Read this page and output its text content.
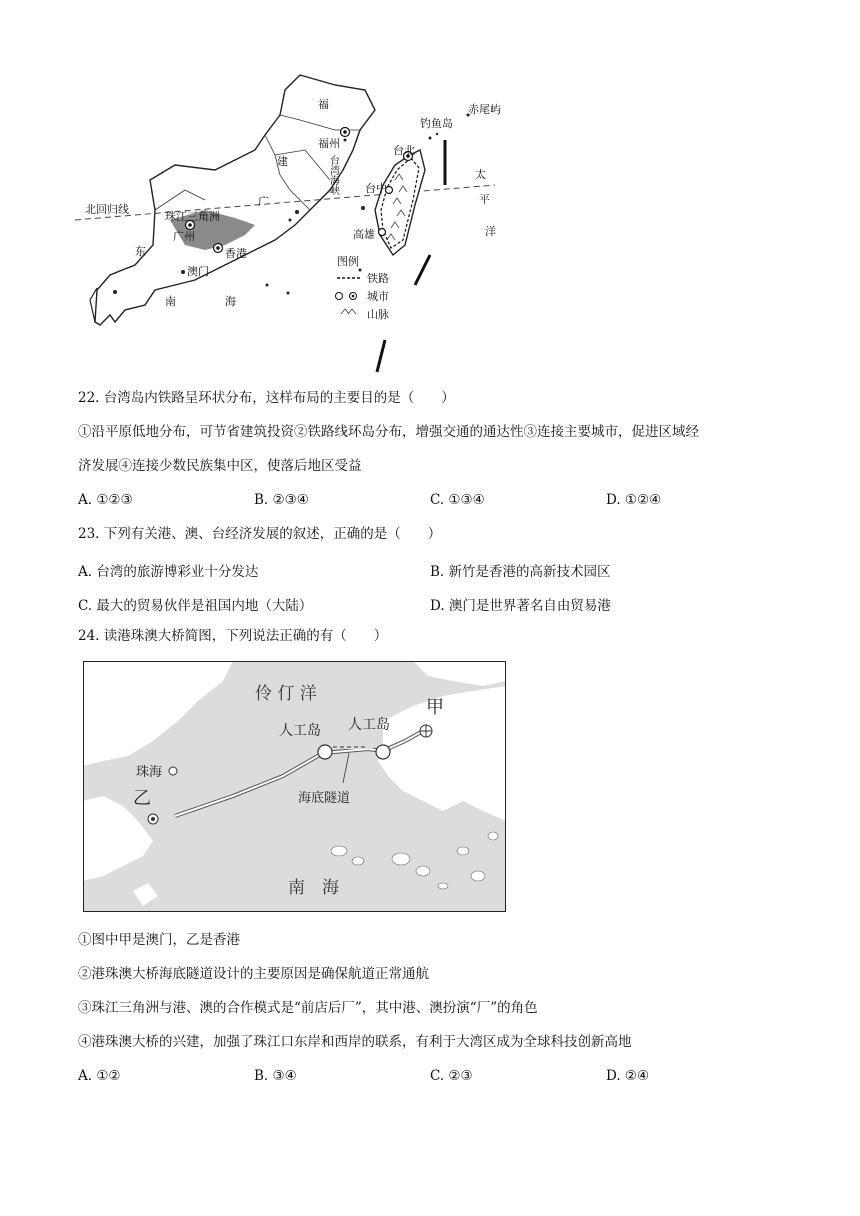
福
福州
建
广
东
北回归线
珠江三角洲
广州
香港
澳门
南	海
台北
台中
高雄
钓鱼岛
赤尾屿
太
平
洋
图例
铁路
城市
山脉
台湾海峡
22. 台湾岛内铁路呈环状分布，这样布局的主要目的是（　　）
①沿平原低地分布，可节省建筑投资②铁路线环岛分布，增强交通的通达性③连接主要城市，促进区域经
济发展④连接少数民族集中区，使落后地区受益
A. ①②③	B. ②③④	C. ①③④	D. ①②④
23. 下列有关港、澳、台经济发展的叙述，正确的是（　　）
A. 台湾的旅游博彩业十分发达	B. 新竹是香港的高新技术园区
C. 最大的贸易伙伴是祖国内地（大陆）	D. 澳门是世界著名自由贸易港
24. 读港珠澳大桥简图，下列说法正确的有（　　）
伶 仃 洋
人工岛 人工岛
甲
珠海
乙	海底隧道
南　海
①图中甲是澳门，乙是香港
②港珠澳大桥海底隧道设计的主要原因是确保航道正常通航
③珠江三角洲与港、澳的合作模式是“前店后厂”，其中港、澳扮演“厂”的角色
④港珠澳大桥的兴建，加强了珠江口东岸和西岸的联系，有利于大湾区成为全球科技创新高地
A. ①②	B. ③④	C. ②③	D. ②④
